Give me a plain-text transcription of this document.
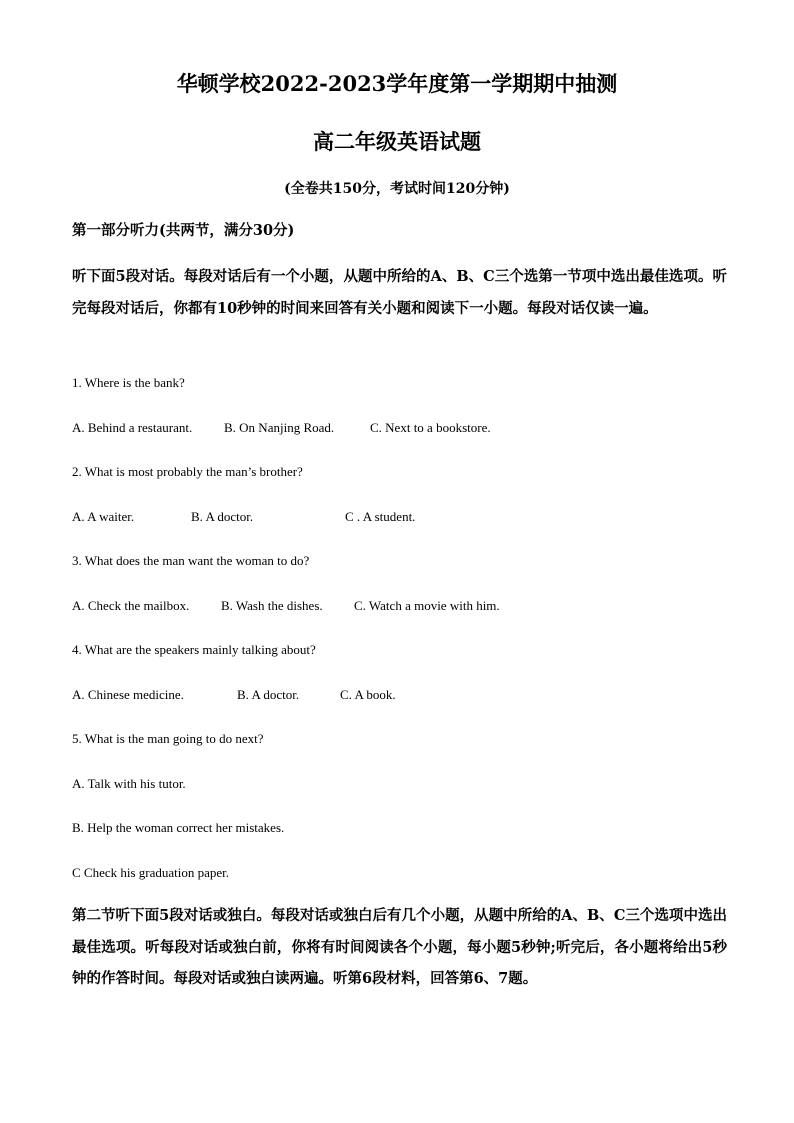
华顿学校2022-2023学年度第一学期期中抽测
高二年级英语试题
(全卷共150分，考试时间120分钟)
第一部分听力(共两节，满分30分)
听下面5段对话。每段对话后有一个小题，从题中所给的A、B、C三个选第一节项中选出最佳选项。听完每段对话后，你都有10秒钟的时间来回答有关小题和阅读下一小题。每段对话仅读一遍。
1. Where is the bank?
A. Behind a restaurant. B. On Nanjing Road.	C. Next to a bookstore.
2. What is most probably the man’s brother?
A. A waiter.	B. A doctor.	C . A student.
3. What does the man want the woman to do?
A. Check the mailbox. B. Wash the dishes. C. Watch a movie with him.
4. What are the speakers mainly talking about?
A. Chinese medicine.	B. A doctor.	C. A book.
5. What is the man going to do next?
A. Talk with his tutor.
B. Help the woman correct her mistakes.
C Check his graduation paper.
第二节听下面5段对话或独白。每段对话或独白后有几个小题，从题中所给的A、B、C三个选项中选出最佳选项。听每段对话或独白前，你将有时间阅读各个小题，每小题5秒钟;听完后，各小题将给出5秒钟的作答时间。每段对话或独白读两遍。听第6段材料，回答第6、7题。
